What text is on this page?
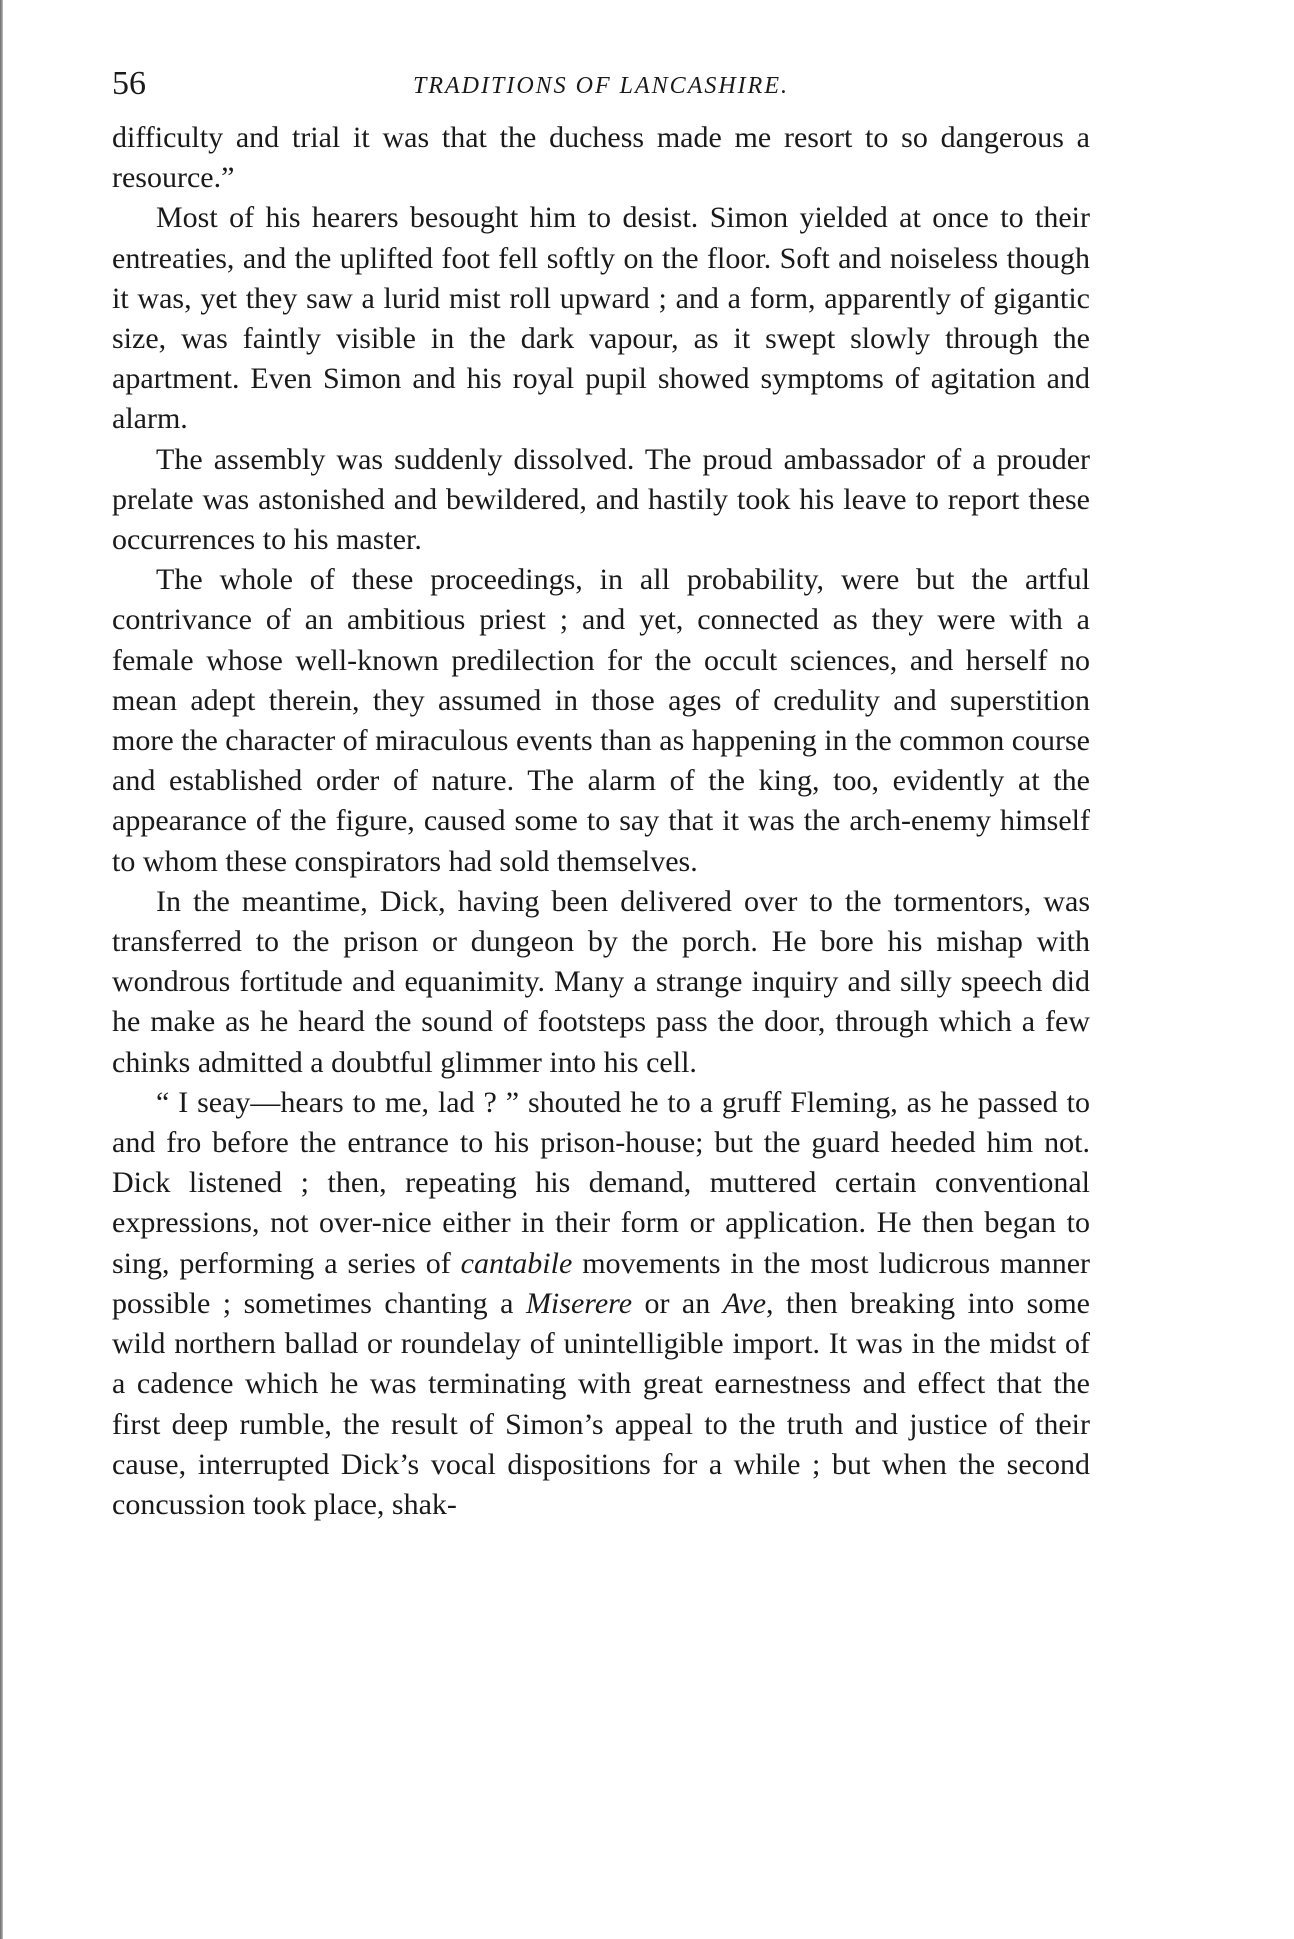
56	TRADITIONS OF LANCASHIRE.

difficulty and trial it was that the duchess made me resort to so dangerous a resource.”

Most of his hearers besought him to desist. Simon yielded at once to their entreaties, and the uplifted foot fell softly on the floor. Soft and noiseless though it was, yet they saw a lurid mist roll upward ; and a form, apparently of gigantic size, was faintly visible in the dark vapour, as it swept slowly through the apartment. Even Simon and his royal pupil showed symptoms of agitation and alarm.

The assembly was suddenly dissolved. The proud ambassador of a prouder prelate was astonished and bewildered, and hastily took his leave to report these occurrences to his master.

The whole of these proceedings, in all probability, were but the artful contrivance of an ambitious priest ; and yet, connected as they were with a female whose well-known predilection for the occult sciences, and herself no mean adept therein, they assumed in those ages of credulity and superstition more the character of miraculous events than as happening in the common course and established order of nature. The alarm of the king, too, evidently at the appearance of the figure, caused some to say that it was the arch-enemy himself to whom these conspirators had sold themselves.

In the meantime, Dick, having been delivered over to the tormentors, was transferred to the prison or dungeon by the porch. He bore his mishap with wondrous fortitude and equanimity. Many a strange inquiry and silly speech did he make as he heard the sound of footsteps pass the door, through which a few chinks admitted a doubtful glimmer into his cell.

“ I seay—hears to me, lad ? ” shouted he to a gruff Fleming, as he passed to and fro before the entrance to his prison-house; but the guard heeded him not. Dick listened ; then, repeating his demand, muttered certain conventional expressions, not over-nice either in their form or application. He then began to sing, performing a series of cantabile movements in the most ludicrous manner possible ; sometimes chanting a Miserere or an Ave, then breaking into some wild northern ballad or roundelay of unintelligible import. It was in the midst of a cadence which he was terminating with great earnestness and effect that the first deep rumble, the result of Simon’s appeal to the truth and justice of their cause, interrupted Dick’s vocal dispositions for a while ; but when the second concussion took place, shak-
